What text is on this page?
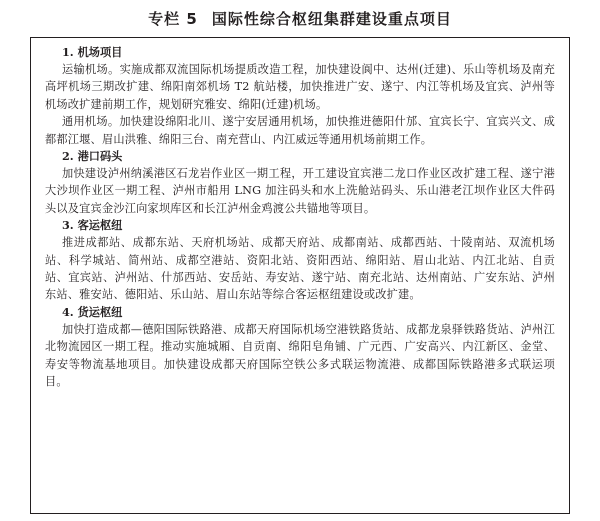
专栏 5 国际性综合枢纽集群建设重点项目
1. 机场项目

运输机场。实施成都双流国际机场提质改造工程，加快建设阆中、达州(迁建)、乐山等机场及南充高坪机场三期改扩建、绵阳南郊机场 T2 航站楼，加快推进广安、遂宁、内江等机场及宜宾、泸州等机场改扩建前期工作，规划研究雅安、绵阳(迁建)机场。

通用机场。加快建设绵阳北川、遂宁安居通用机场，加快推进德阳什邡、宜宾长宁、宜宾兴文、成都都江堰、眉山洪雅、绵阳三台、南充营山、内江威远等通用机场前期工作。

2. 港口码头

加快建设泸州纳溪港区石龙岩作业区一期工程，开工建设宜宾港二龙口作业区改扩建工程、遂宁港大沙坝作业区一期工程、泸州市船用 LNG 加注码头和水上洗舱站码头、乐山港老江坝作业区大件码头以及宜宾金沙江向家坝库区和长江泸州金鸡渡公共锚地等项目。

3. 客运枢纽

推进成都站、成都东站、天府机场站、成都天府站、成都南站、成都西站、十陵南站、双流机场站、科学城站、简州站、成都空港站、资阳北站、资阳西站、绵阳站、眉山北站、内江北站、自贡站、宜宾站、泸州站、什邡西站、安岳站、寿安站、遂宁站、南充北站、达州南站、广安东站、泸州东站、雅安站、德阳站、乐山站、眉山东站等综合客运枢纽建设或改扩建。

4. 货运枢纽

加快打造成都—德阳国际铁路港、成都天府国际机场空港铁路货站、成都龙泉驿铁路货站、泸州江北物流园区一期工程。推动实施城厢、自贡南、绵阳皂角铺、广元西、广安高兴、内江新区、金堂、寿安等物流基地项目。加快建设成都天府国际空铁公多式联运物流港、成都国际铁路港多式联运项目。
